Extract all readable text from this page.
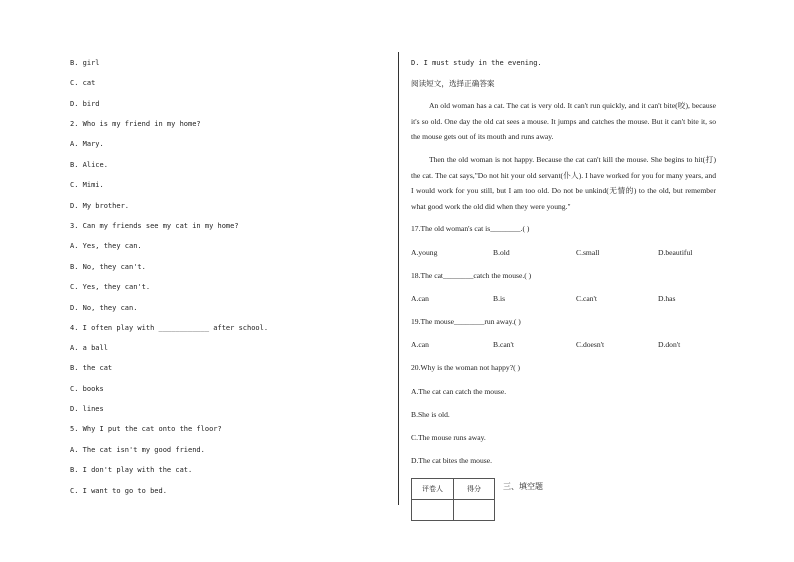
B. girl
C. cat
D. bird
2. Who is my friend in my home?
A. Mary.
B. Alice.
C. Mimi.
D. My brother.
3. Can my friends see my cat in my home?
A. Yes, they can.
B. No, they can't.
C. Yes, they can't.
D. No, they can.
4. I often play with ____________ after school.
A. a ball
B. the cat
C. books
D. lines
5. Why I put the cat onto the floor?
A. The cat isn't my good friend.
B. I don't play with the cat.
C. I want to go to bed.
D. I must study in the evening.
阅读短文，选择正确答案
An old woman has a cat. The cat is very old. It can't run quickly, and it can't bite(咬), because it's so old. One day the old cat sees a mouse. It jumps and catches the mouse. But it can't bite it, so the mouse gets out of its mouth and runs away.
Then the old woman is not happy. Because the cat can't kill the mouse. She begins to hit(打) the cat. The cat says,"Do not hit your old servant(仆人). I have worked for you for many years, and I would work for you still, but I am too old. Do not be unkind(无情的) to the old, but remember what good work the old did when they were young."
17.The old woman's cat is________.( )
A.young	B.old	C.small	D.beautiful
18.The cat________catch the mouse.( )
A.can	B.is	C.can't	D.has
19.The mouse________run away.( )
A.can	B.can't	C.doesn't	D.don't
20.Why is the woman not happy?( )
A.The cat can catch the mouse.
B.She is old.
C.The mouse runs away.
D.The cat bites the mouse.
评卷人	得分
		三、填空题
